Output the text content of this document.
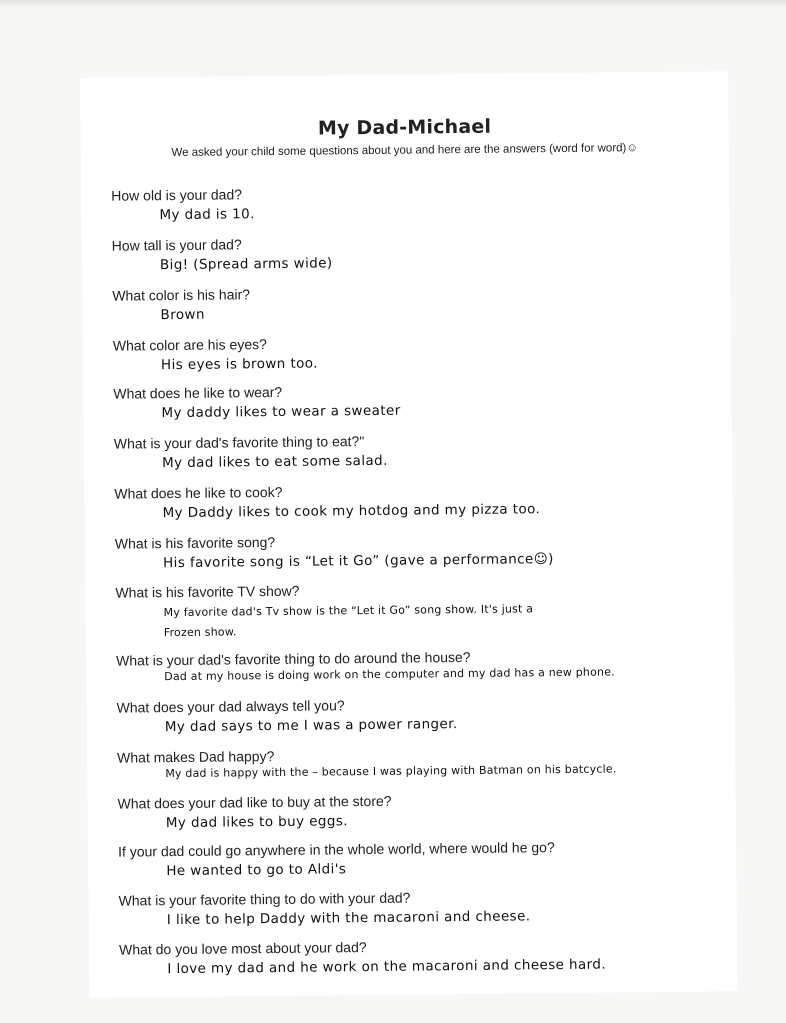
My Dad-Michael
We asked your child some questions about you and here are the answers (word for word)☺
How old is your dad?
My dad is 10.
How tall is your dad?
Big! (Spread arms wide)
What color is his hair?
Brown
What color are his eyes?
His eyes is brown too.
What does he like to wear?
My daddy likes to wear a sweater
What is your dad's favorite thing to eat?"
My dad likes to eat some salad.
What does he like to cook?
My Daddy likes to cook my hotdog and my pizza too.
What is his favorite song?
His favorite song is “Let it Go” (gave a performance☺)
What is his favorite TV show?
My favorite dad's Tv show is the “Let it Go” song show. It's just a
Frozen show.
What is your dad's favorite thing to do around the house?
Dad at my house is doing work on the computer and my dad has a new phone.
What does your dad always tell you?
My dad says to me I was a power ranger.
What makes Dad happy?
My dad is happy with the – because I was playing with Batman on his batcycle.
What does your dad like to buy at the store?
My dad likes to buy eggs.
If your dad could go anywhere in the whole world, where would he go?
He wanted to go to Aldi's
What is your favorite thing to do with your dad?
I like to help Daddy with the macaroni and cheese.
What do you love most about your dad?
I love my dad and he work on the macaroni and cheese hard.
